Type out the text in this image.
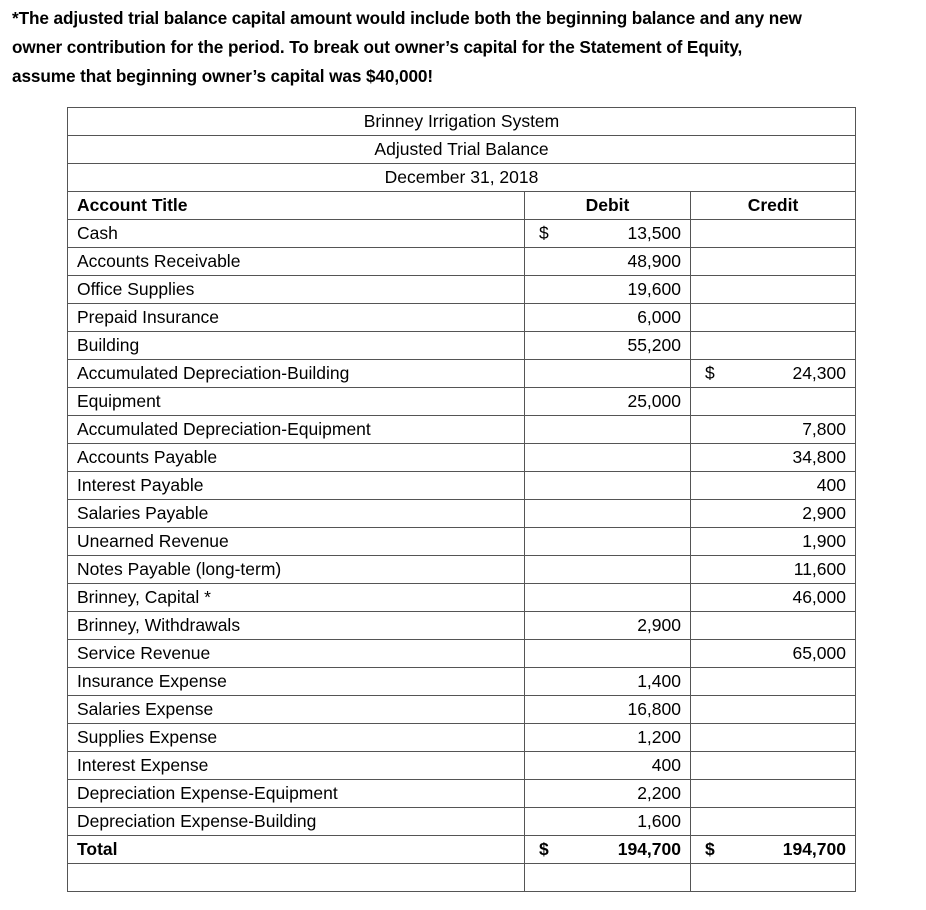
*The adjusted trial balance capital amount would include both the beginning balance and any new
owner contribution for the period. To break out owner’s capital for the Statement of Equity,
assume that beginning owner’s capital was $40,000!
Brinney Irrigation System		
Adjusted Trial Balance		
December 31, 2018		
Account Title	Debit	Credit
Cash	$ 13,500	

Accounts Receivable	48,900	

Office Supplies	19,600	

Prepaid Insurance	6,000	

Building	55,200	

Accumulated Depreciation-Building		$ 24,300

Equipment	25,000	

Accumulated Depreciation-Equipment		7,800

Accounts Payable		34,800

Interest Payable		400

Salaries Payable		2,900

Unearned Revenue		1,900

Notes Payable (long-term)		11,600

Brinney, Capital *		46,000

Brinney, Withdrawals	2,900	

Service Revenue		65,000

Insurance Expense	1,400	

Salaries Expense	16,800	

Supplies Expense	1,200	

Interest Expense	400	

Depreciation Expense-Equipment	2,200	

Depreciation Expense-Building	1,600	

Total	$ 194,700	$ 194,700
